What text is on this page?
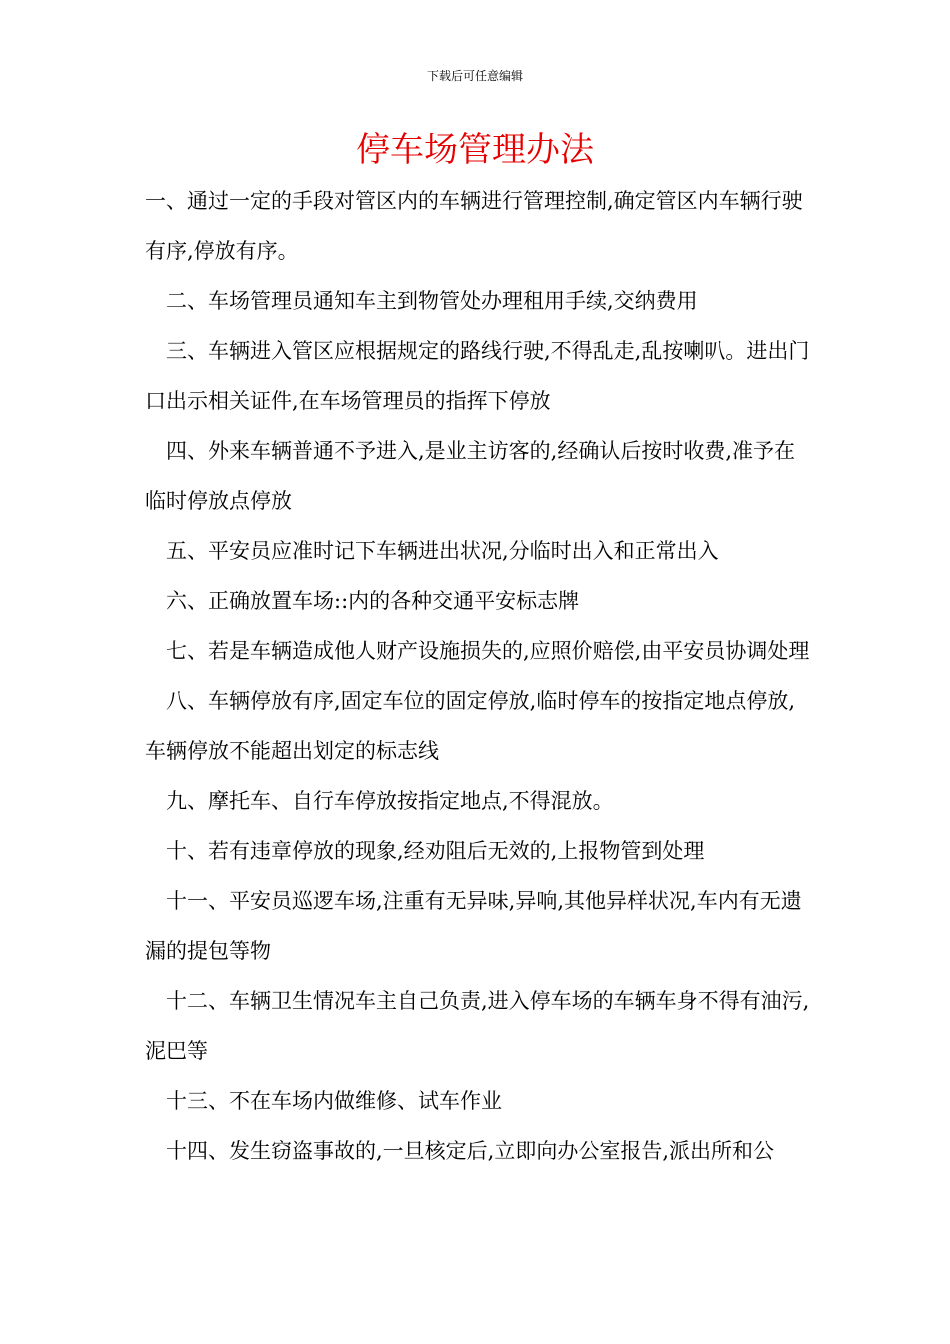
下载后可任意编辑
停车场管理办法

一、通过一定的手段对管区内的车辆进行管理控制,确定管区内车辆行驶有序,停放有序。

二、车场管理员通知车主到物管处办理租用手续,交纳费用

三、车辆进入管区应根据规定的路线行驶,不得乱走,乱按喇叭。进出门口出示相关证件,在车场管理员的指挥下停放

四、外来车辆普通不予进入,是业主访客的,经确认后按时收费,准予在临时停放点停放

五、平安员应准时记下车辆进出状况,分临时出入和正常出入

六、正确放置车场::内的各种交通平安标志牌

七、若是车辆造成他人财产设施损失的,应照价赔偿,由平安员协调处理

八、车辆停放有序,固定车位的固定停放,临时停车的按指定地点停放,车辆停放不能超出划定的标志线

九、摩托车、自行车停放按指定地点,不得混放。

十、若有违章停放的现象,经劝阻后无效的,上报物管到处理

十一、平安员巡逻车场,注重有无异味,异响,其他异样状况,车内有无遗漏的提包等物

十二、车辆卫生情况车主自己负责,进入停车场的车辆车身不得有油污,泥巴等

十三、不在车场内做维修、试车作业

十四、发生窃盗事故的,一旦核定后,立即向办公室报告,派出所和公
